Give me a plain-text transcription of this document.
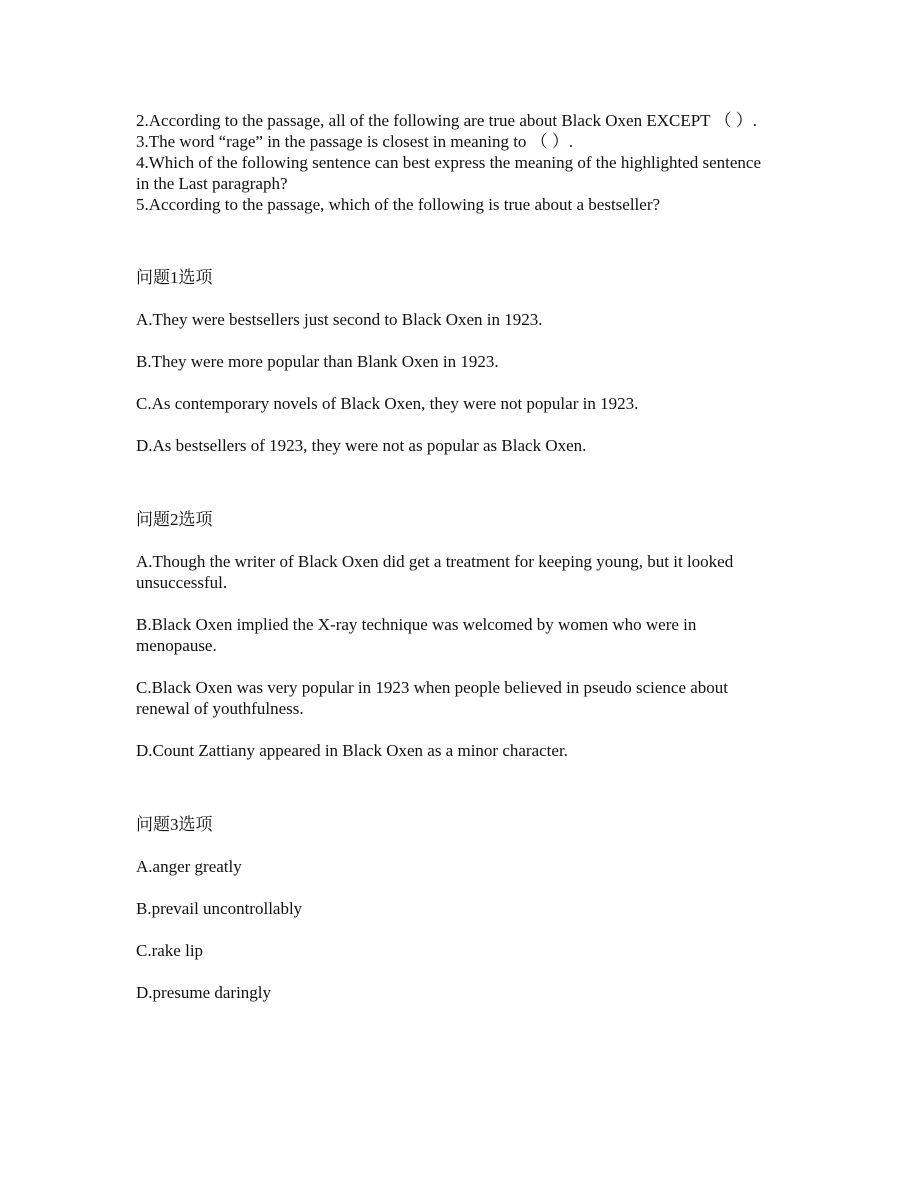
2.According to the passage, all of the following are true about Black Oxen EXCEPT （ ）.
3.The word “rage” in the passage is closest in meaning to （ ）.
4.Which of the following sentence can best express the meaning of the highlighted sentence in the Last paragraph?
5.According to the passage, which of the following is true about a bestseller?
问题1选项
A.They were bestsellers just second to Black Oxen in 1923.
B.They were more popular than Blank Oxen in 1923.
C.As contemporary novels of Black Oxen, they were not popular in 1923.
D.As bestsellers of 1923, they were not as popular as Black Oxen.
问题2选项
A.Though the writer of Black Oxen did get a treatment for keeping young, but it looked unsuccessful.
B.Black Oxen implied the X-ray technique was welcomed by women who were in menopause.
C.Black Oxen was very popular in 1923 when people believed in pseudo science about renewal of youthfulness.
D.Count Zattiany appeared in Black Oxen as a minor character.
问题3选项
A.anger greatly
B.prevail uncontrollably
C.rake lip
D.presume daringly
